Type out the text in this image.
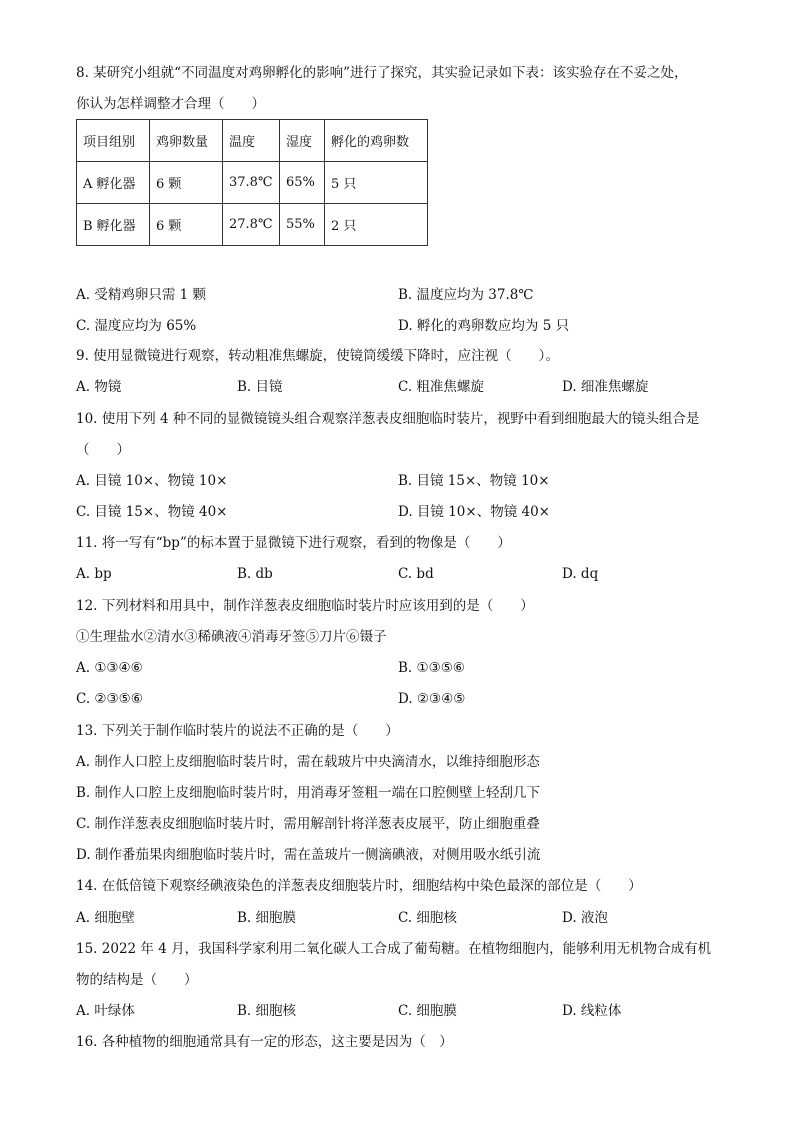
8. 某研究小组就“不同温度对鸡卵孵化的影响”进行了探究，其实验记录如下表：该实验存在不妥之处，
你认为怎样调整才合理（　　）
项目组别	鸡卵数量	温度	湿度	孵化的鸡卵数
A 孵化器	6 颗	37.8℃	65%	5 只
B 孵化器	6 颗	27.8℃	55%	2 只
A. 受精鸡卵只需 1 颗	B. 温度应均为 37.8℃
C. 湿度应均为 65%	D. 孵化的鸡卵数应均为 5 只
9. 使用显微镜进行观察，转动粗准焦螺旋，使镜筒缓缓下降时，应注视（　　）。
A. 物镜	B. 目镜	C. 粗准焦螺旋	D. 细准焦螺旋
10. 使用下列 4 种不同的显微镜镜头组合观察洋葱表皮细胞临时装片，视野中看到细胞最大的镜头组合是
（　　）
A. 目镜 10×、物镜 10×	B. 目镜 15×、物镜 10×
C. 目镜 15×、物镜 40×	D. 目镜 10×、物镜 40×
11. 将一写有“bp”的标本置于显微镜下进行观察，看到的物像是（　　）
A. bp	B. db	C. bd	D. dq
12. 下列材料和用具中，制作洋葱表皮细胞临时装片时应该用到的是（　　）
①生理盐水②清水③稀碘液④消毒牙签⑤刀片⑥镊子
A. ①③④⑥	B. ①③⑤⑥
C. ②③⑤⑥	D. ②③④⑤
13. 下列关于制作临时装片的说法不正确的是（　　）
A. 制作人口腔上皮细胞临时装片时，需在载玻片中央滴清水，以维持细胞形态
B. 制作人口腔上皮细胞临时装片时，用消毒牙签粗一端在口腔侧壁上轻刮几下
C. 制作洋葱表皮细胞临时装片时，需用解剖针将洋葱表皮展平，防止细胞重叠
D. 制作番茄果肉细胞临时装片时，需在盖玻片一侧滴碘液，对侧用吸水纸引流
14. 在低倍镜下观察经碘液染色的洋葱表皮细胞装片时，细胞结构中染色最深的部位是（　　）
A. 细胞壁	B. 细胞膜	C. 细胞核	D. 液泡
15. 2022 年 4 月，我国科学家利用二氧化碳人工合成了葡萄糖。在植物细胞内，能够利用无机物合成有机
物的结构是（　　）
A. 叶绿体	B. 细胞核	C. 细胞膜	D. 线粒体
16. 各种植物的细胞通常具有一定的形态，这主要是因为（　）
